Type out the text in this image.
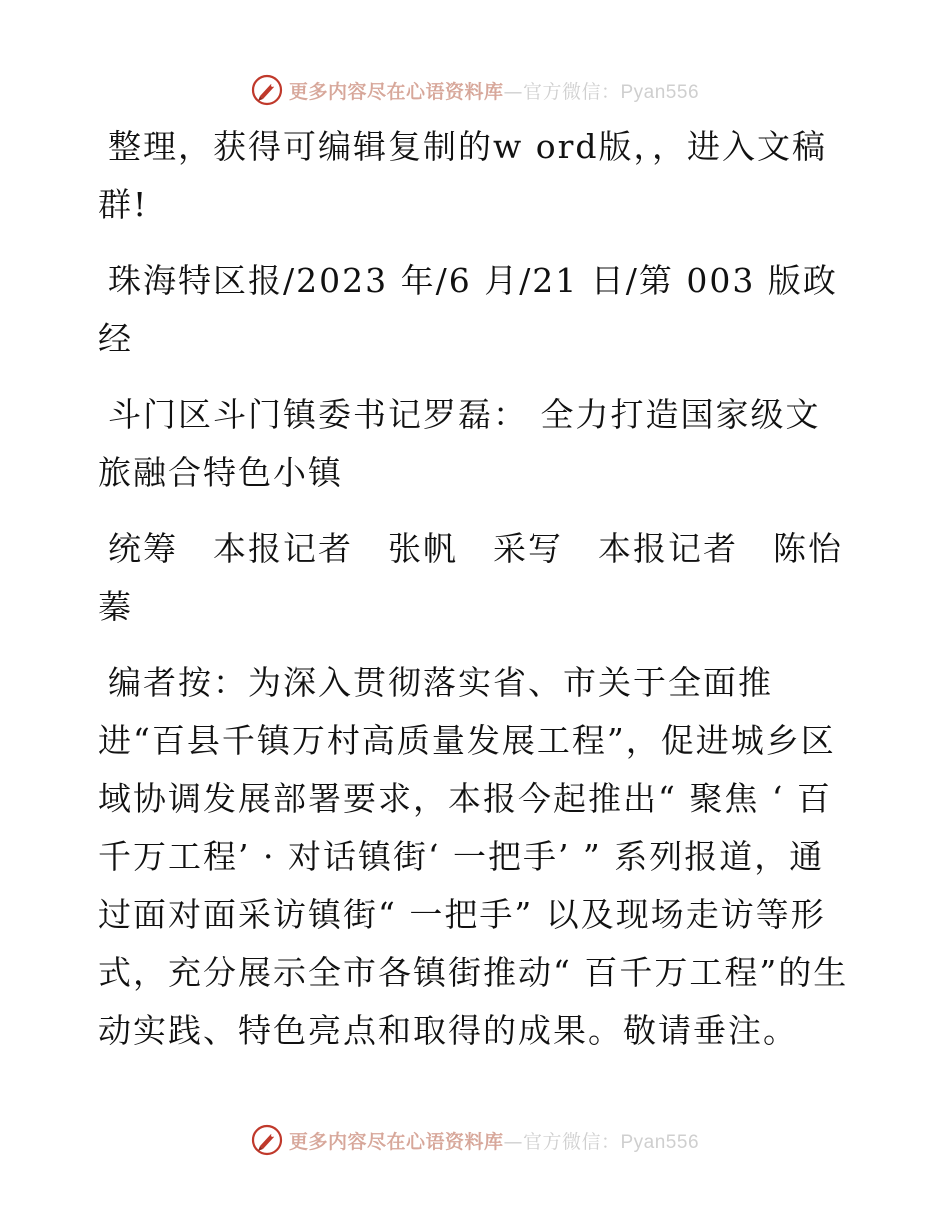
更多内容尽在心语资料库—官方微信：Pyan556

整理，获得可编辑复制的w ord版，，进入文稿群!

珠海特区报/2023 年/6 月/21 日/第 003 版政经

斗门区斗门镇委书记罗磊： 全力打造国家级文旅融合特色小镇

统筹　本报记者　张帆　采写　本报记者　陈怡蓁

编者按：为深入贯彻落实省、市关于全面推进“百县千镇万村高质量发展工程”，促进城乡区域协调发展部署要求，本报今起推出“ 聚焦 ‘ 百千万工程’ · 对话镇街‘ 一把手’ ” 系列报道，通过面对面采访镇街“ 一把手” 以及现场走访等形式，充分展示全市各镇街推动“ 百千万工程”的生动实践、特色亮点和取得的成果。敬请垂注。

更多内容尽在心语资料库—官方微信：Pyan556
